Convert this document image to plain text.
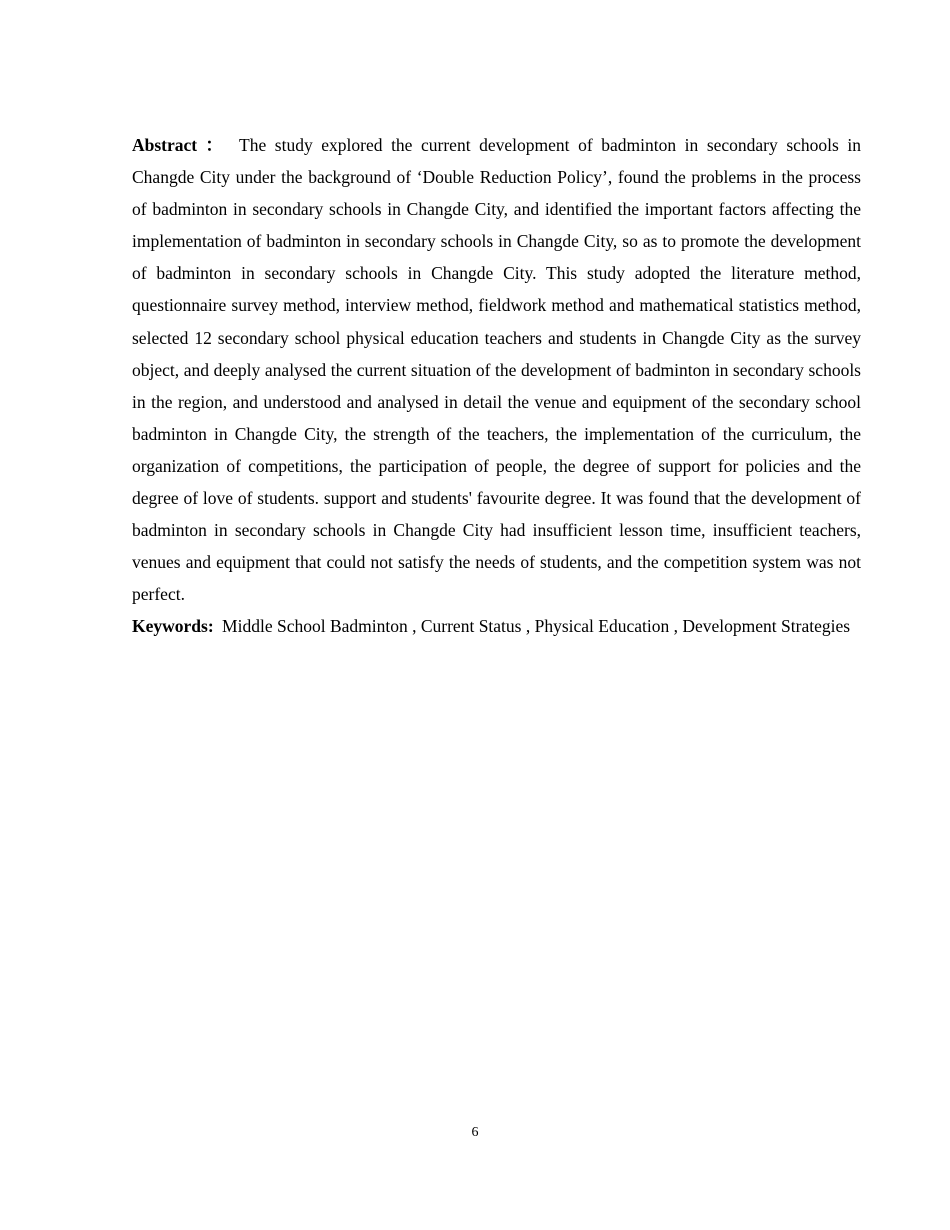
Abstract ： The study explored the current development of badminton in secondary schools in Changde City under the background of ‘Double Reduction Policy’, found the problems in the process of badminton in secondary schools in Changde City, and identified the important factors affecting the implementation of badminton in secondary schools in Changde City, so as to promote the development of badminton in secondary schools in Changde City. This study adopted the literature method, questionnaire survey method, interview method, fieldwork method and mathematical statistics method, selected 12 secondary school physical education teachers and students in Changde City as the survey object, and deeply analysed the current situation of the development of badminton in secondary schools in the region, and understood and analysed in detail the venue and equipment of the secondary school badminton in Changde City, the strength of the teachers, the implementation of the curriculum, the organization of competitions, the participation of people, the degree of support for policies and the degree of love of students. support and students' favourite degree. It was found that the development of badminton in secondary schools in Changde City had insufficient lesson time, insufficient teachers, venues and equipment that could not satisfy the needs of students, and the competition system was not perfect.

Keywords: Middle School Badminton , Current Status , Physical Education , Development Strategies

6
